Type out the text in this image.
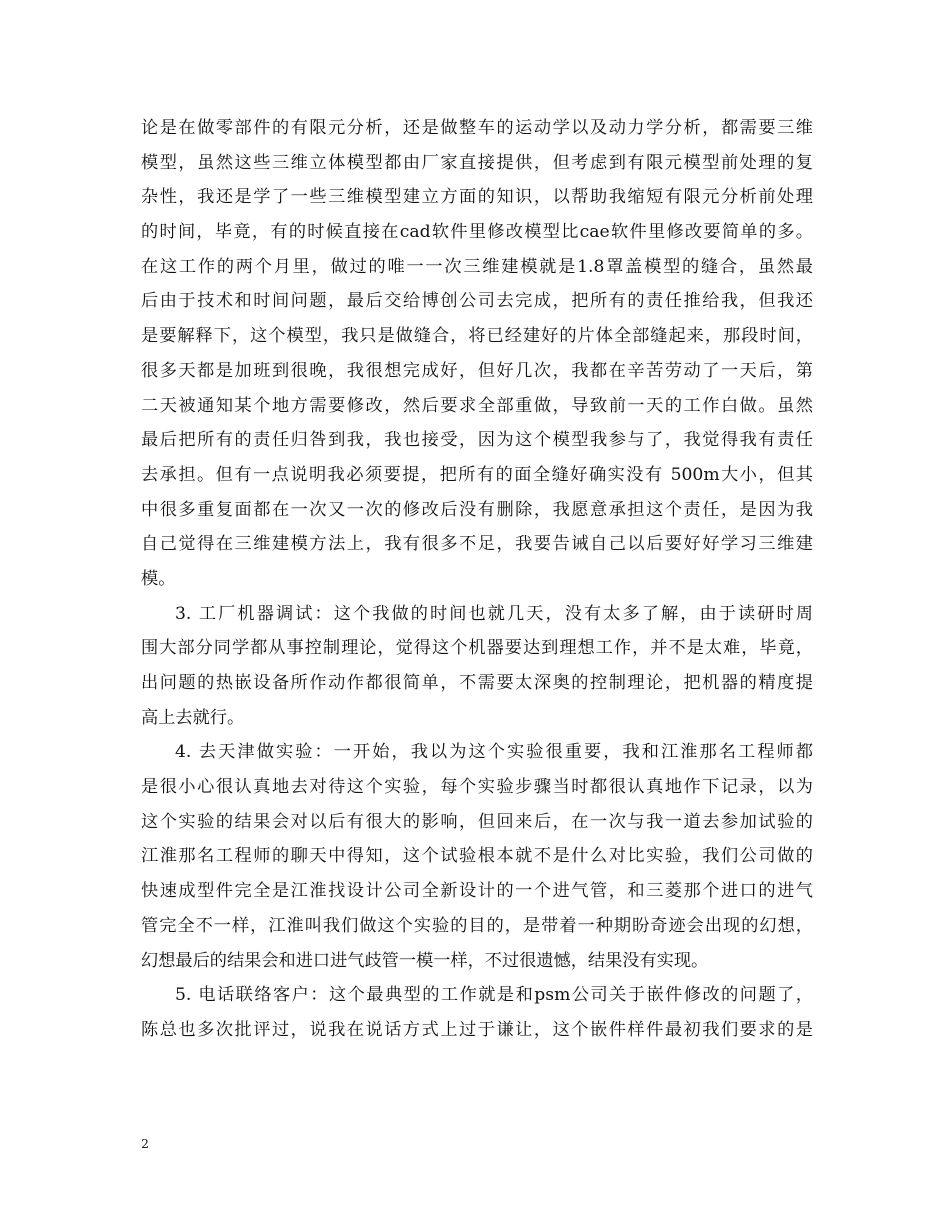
论是在做零部件的有限元分析，还是做整车的运动学以及动力学分析，都需要三维
模型，虽然这些三维立体模型都由厂家直接提供，但考虑到有限元模型前处理的复
杂性，我还是学了一些三维模型建立方面的知识，以帮助我缩短有限元分析前处理
的时间，毕竟，有的时候直接在cad软件里修改模型比cae软件里修改要简单的多。
在这工作的两个月里，做过的唯一一次三维建模就是1.8罩盖模型的缝合，虽然最
后由于技术和时间问题，最后交给博创公司去完成，把所有的责任推给我，但我还
是要解释下，这个模型，我只是做缝合，将已经建好的片体全部缝起来，那段时间，
很多天都是加班到很晚，我很想完成好，但好几次，我都在辛苦劳动了一天后，第
二天被通知某个地方需要修改，然后要求全部重做，导致前一天的工作白做。虽然
最后把所有的责任归咎到我，我也接受，因为这个模型我参与了，我觉得我有责任
去承担。但有一点说明我必须要提，把所有的面全缝好确实没有 500m大小，但其
中很多重复面都在一次又一次的修改后没有删除，我愿意承担这个责任，是因为我
自己觉得在三维建模方法上，我有很多不足，我要告诫自己以后要好好学习三维建
模。
3. 工厂机器调试：这个我做的时间也就几天，没有太多了解，由于读研时周
围大部分同学都从事控制理论，觉得这个机器要达到理想工作，并不是太难，毕竟，
出问题的热嵌设备所作动作都很简单，不需要太深奥的控制理论，把机器的精度提
高上去就行。
4. 去天津做实验：一开始，我以为这个实验很重要，我和江淮那名工程师都
是很小心很认真地去对待这个实验，每个实验步骤当时都很认真地作下记录，以为
这个实验的结果会对以后有很大的影响，但回来后，在一次与我一道去参加试验的
江淮那名工程师的聊天中得知，这个试验根本就不是什么对比实验，我们公司做的
快速成型件完全是江淮找设计公司全新设计的一个进气管，和三菱那个进口的进气
管完全不一样，江淮叫我们做这个实验的目的，是带着一种期盼奇迹会出现的幻想，
幻想最后的结果会和进口进气歧管一模一样，不过很遗憾，结果没有实现。
5. 电话联络客户：这个最典型的工作就是和psm公司关于嵌件修改的问题了，
陈总也多次批评过，说我在说话方式上过于谦让，这个嵌件样件最初我们要求的是
2
